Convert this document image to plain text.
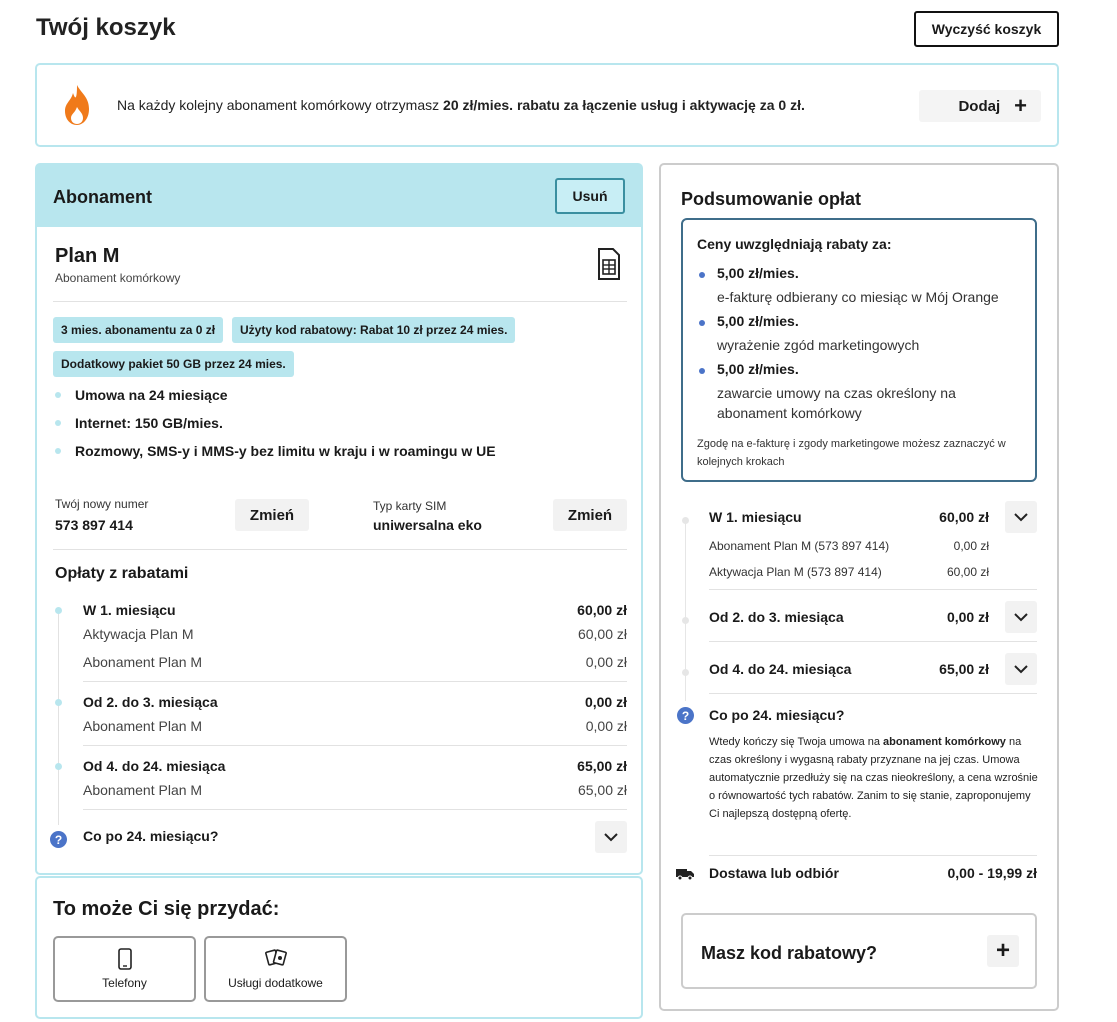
Twój koszyk	Wyczyść koszyk
Na każdy kolejny abonament komórkowy otrzymasz 20 zł/mies. rabatu za łączenie usług i aktywację za 0 zł.	Dodaj +
Abonament	Usuń
Plan M
Abonament komórkowy
3 mies. abonamentu za 0 zł	Użyty kod rabatowy: Rabat 10 zł przez 24 mies.
Dodatkowy pakiet 50 GB przez 24 mies.
Umowa na 24 miesiące
Internet: 150 GB/mies.
Rozmowy, SMS-y i MMS-y bez limitu w kraju i w roamingu w UE
Twój nowy numer
573 897 414
Zmień
Typ karty SIM
uniwersalna eko
Zmień
Opłaty z rabatami
W 1. miesiącu	60,00 zł
Aktywacja Plan M	60,00 zł
Abonament Plan M	0,00 zł
Od 2. do 3. miesiąca	0,00 zł
Abonament Plan M	0,00 zł
Od 4. do 24. miesiąca	65,00 zł
Abonament Plan M	65,00 zł
?	Co po 24. miesiącu?
To może Ci się przydać:
Telefony	Usługi dodatkowe
Podsumowanie opłat
Ceny uwzględniają rabaty za:
5,00 zł/mies.
e-fakturę odbierany co miesiąc w Mój Orange
5,00 zł/mies.
wyrażenie zgód marketingowych
5,00 zł/mies.
zawarcie umowy na czas określony na abonament komórkowy
Zgodę na e-fakturę i zgody marketingowe możesz zaznaczyć w kolejnych krokach
W 1. miesiącu	60,00 zł
Abonament Plan M (573 897 414)	0,00 zł
Aktywacja Plan M (573 897 414)	60,00 zł
Od 2. do 3. miesiąca	0,00 zł
Od 4. do 24. miesiąca	65,00 zł
?	Co po 24. miesiącu?
Wtedy kończy się Twoja umowa na abonament komórkowy na czas określony i wygasną rabaty przyznane na jej czas. Umowa automatycznie przedłuży się na czas nieokreślony, a cena wzrośnie o równowartość tych rabatów. Zanim to się stanie, zaproponujemy Ci najlepszą dostępną ofertę.
Dostawa lub odbiór	0,00 - 19,99 zł
Masz kod rabatowy?	+
